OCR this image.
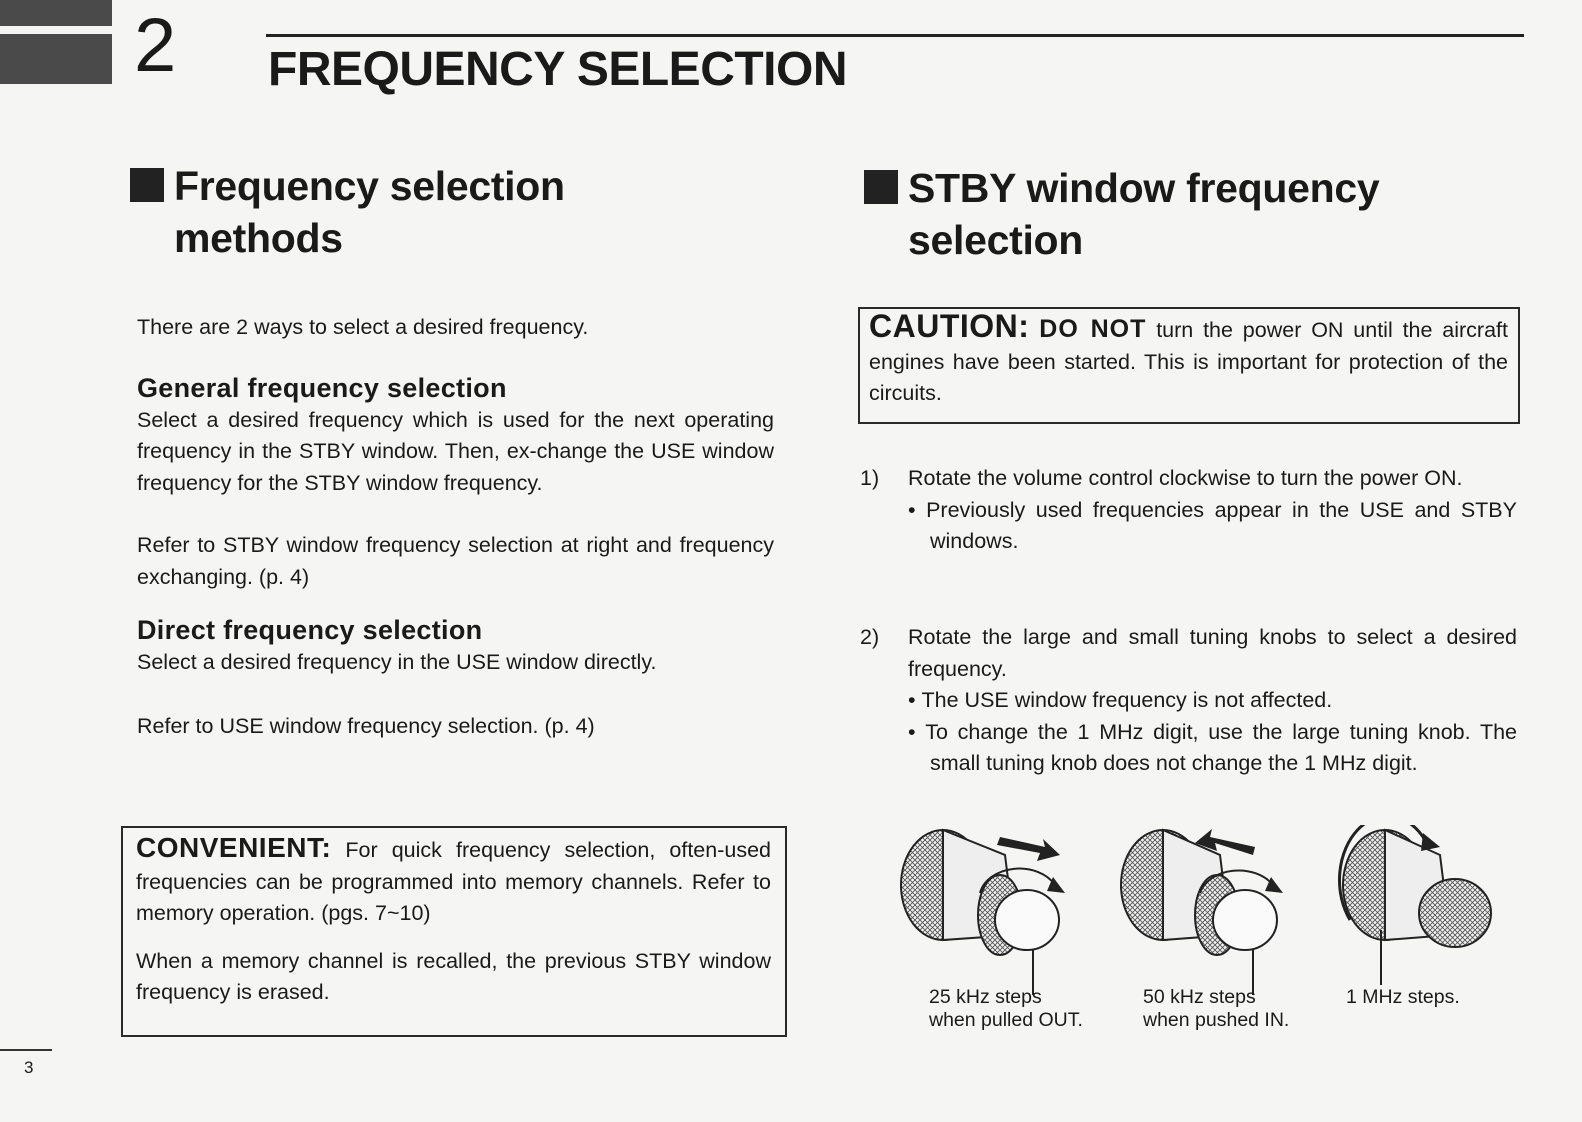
2 FREQUENCY SELECTION
Frequency selection
methods

There are 2 ways to select a desired frequency.

General frequency selection

Select a desired frequency which is used for the next operating frequency in the STBY window. Then, ex-change the USE window frequency for the STBY window frequency.

Refer to STBY window frequency selection at right and frequency exchanging. (p. 4)

Direct frequency selection

Select a desired frequency in the USE window directly.

Refer to USE window frequency selection. (p. 4)

CONVENIENT: For quick frequency selection, often-used frequencies can be programmed into memory channels. Refer to memory operation. (pgs. 7~10)

When a memory channel is recalled, the previous STBY window frequency is erased.

STBY window frequency
selection

CAUTION: DO NOT turn the power ON until the aircraft engines have been started. This is important for protection of the circuits.

1) Rotate the volume control clockwise to turn the power ON.

• Previously used frequencies appear in the USE and STBY windows.
2) Rotate the large and small tuning knobs to select a desired frequency.

• The USE window frequency is not affected.
• To change the 1 MHz digit, use the large tuning knob. The small tuning knob does not change the 1 MHz digit.
25 kHz steps
when pulled OUT.
50 kHz steps
when pushed IN.
1 MHz steps.
3
